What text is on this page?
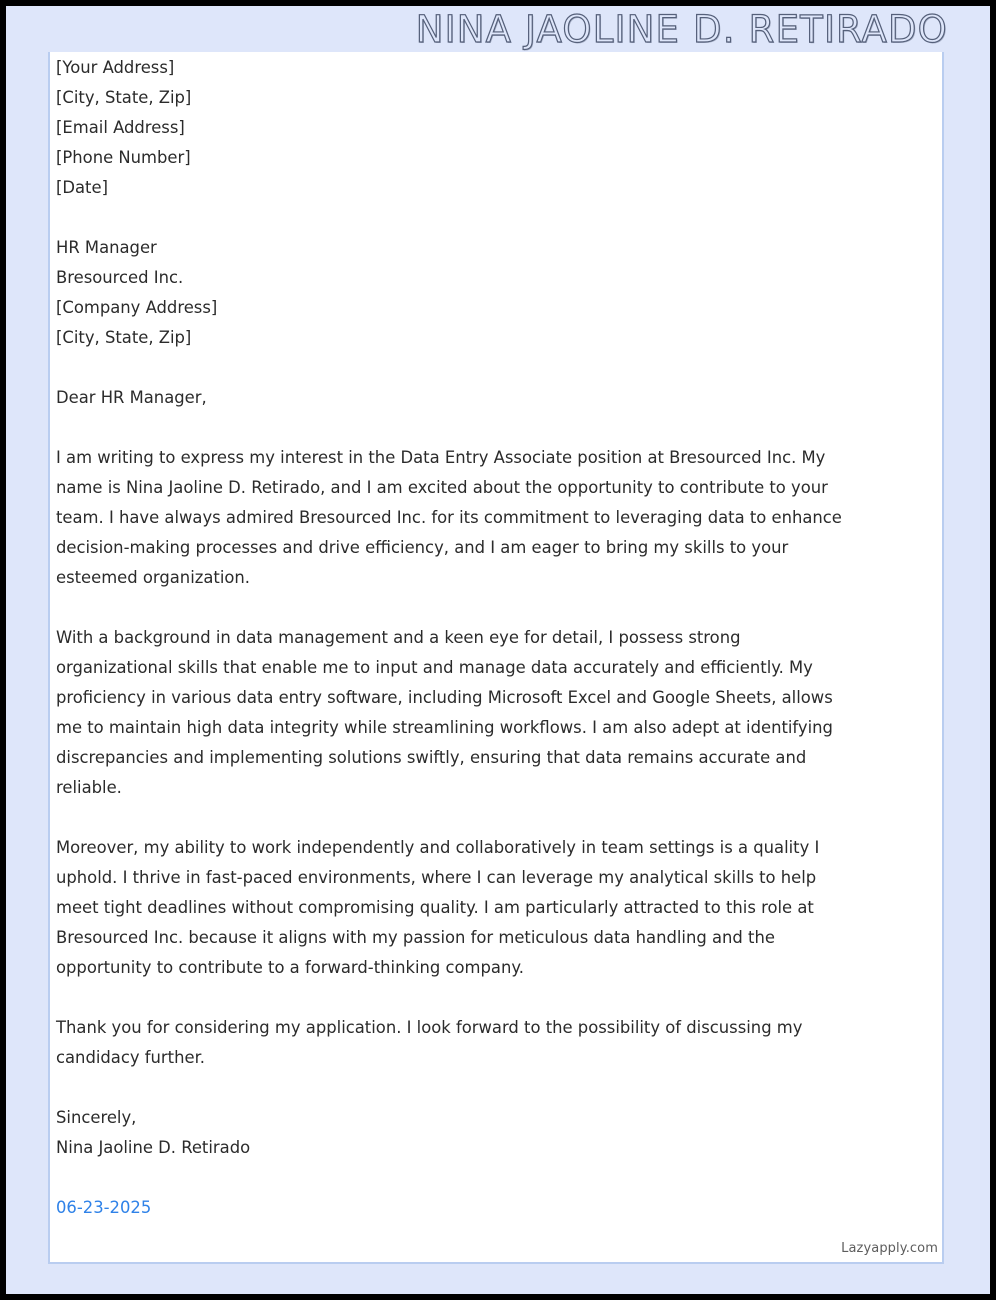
NINA JAOLINE D. RETIRADO
[Your Address]
[City, State, Zip]
[Email Address]
[Phone Number]
[Date]
HR Manager
Bresourced Inc.
[Company Address]
[City, State, Zip]

Dear HR Manager,

I am writing to express my interest in the Data Entry Associate position at Bresourced Inc. My name is Nina Jaoline D. Retirado, and I am excited about the opportunity to contribute to your team. I have always admired Bresourced Inc. for its commitment to leveraging data to enhance decision-making processes and drive efficiency, and I am eager to bring my skills to your esteemed organization.

With a background in data management and a keen eye for detail, I possess strong organizational skills that enable me to input and manage data accurately and efficiently. My proficiency in various data entry software, including Microsoft Excel and Google Sheets, allows me to maintain high data integrity while streamlining workflows. I am also adept at identifying discrepancies and implementing solutions swiftly, ensuring that data remains accurate and reliable.

Moreover, my ability to work independently and collaboratively in team settings is a quality I uphold. I thrive in fast-paced environments, where I can leverage my analytical skills to help meet tight deadlines without compromising quality. I am particularly attracted to this role at Bresourced Inc. because it aligns with my passion for meticulous data handling and the opportunity to contribute to a forward-thinking company.

Thank you for considering my application. I look forward to the possibility of discussing my candidacy further.

Sincerely,
Nina Jaoline D. Retirado
06-23-2025
Lazyapply.com
